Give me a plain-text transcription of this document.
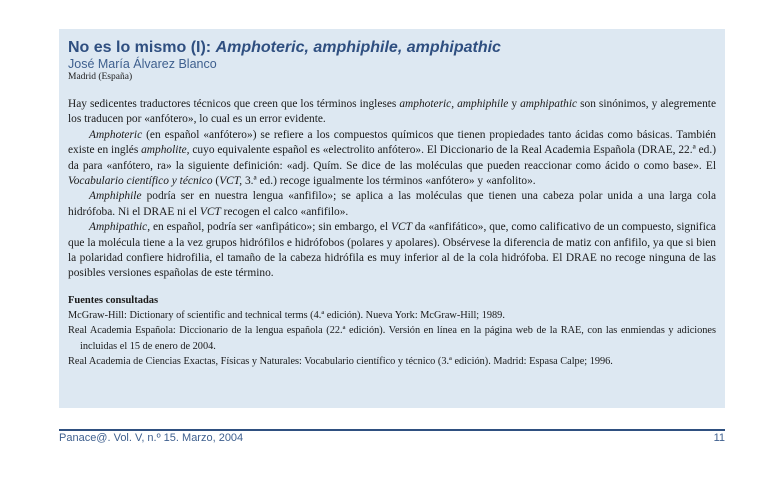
No es lo mismo (I): Amphoteric, amphiphile, amphipathic
José María Álvarez Blanco
Madrid (España)

Hay sedicentes traductores técnicos que creen que los términos ingleses amphoteric, amphiphile y amphipathic son sinónimos, y alegremente los traducen por «anfótero», lo cual es un error evidente.

Amphoteric (en español «anfótero») se refiere a los compuestos químicos que tienen propiedades tanto ácidas como básicas. También existe en inglés ampholite, cuyo equivalente español es «electrolito anfótero». El Diccionario de la Real Academia Española (DRAE, 22.ª ed.) da para «anfótero, ra» la siguiente definición: «adj. Quím. Se dice de las moléculas que pueden reaccionar como ácido o como base». El Vocabulario científico y técnico (VCT, 3.ª ed.) recoge igualmente los términos «anfótero» y «anfolito».

Amphiphile podría ser en nuestra lengua «anfifilo»; se aplica a las moléculas que tienen una cabeza polar unida a una larga cola hidrófoba. Ni el DRAE ni el VCT recogen el calco «anfifilo».

Amphipathic, en español, podría ser «anfipático»; sin embargo, el VCT da «anfifático», que, como calificativo de un compuesto, significa que la molécula tiene a la vez grupos hidrófilos e hidrófobos (polares y apolares). Obsérvese la diferencia de matiz con anfifilo, ya que si bien la polaridad confiere hidrofilia, el tamaño de la cabeza hidrófila es muy inferior al de la cola hidrófoba. El DRAE no recoge ninguna de las posibles versiones españolas de este término.

Fuentes consultadas
McGraw-Hill: Dictionary of scientific and technical terms (4.ª edición). Nueva York: McGraw-Hill; 1989.
Real Academia Española: Diccionario de la lengua española (22.ª edición). Versión en línea en la página web de la RAE, con las enmiendas y adiciones incluidas el 15 de enero de 2004.
Real Academia de Ciencias Exactas, Físicas y Naturales: Vocabulario científico y técnico (3.ª edición). Madrid: Espasa Calpe; 1996.
Panace@. Vol. V, n.º 15. Marzo, 2004	11
